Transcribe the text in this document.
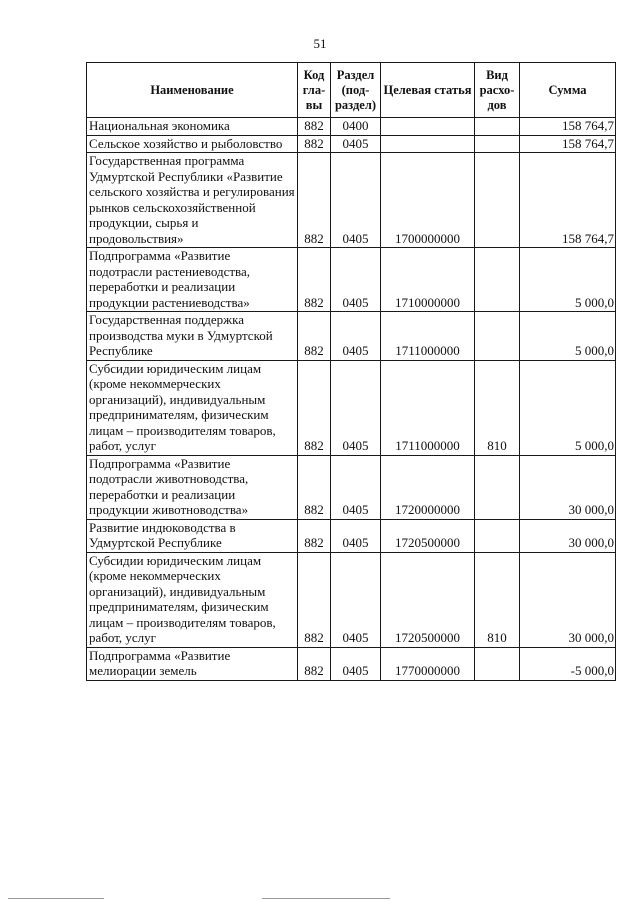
51
Наименование	Код гла-вы	Раздел (под-раздел)	Целевая статья	Вид расхо-дов	Сумма
Национальная экономика	882	0400			158 764,7
Сельское хозяйство и рыболовство	882	0405			158 764,7
Государственная программа Удмуртской Республики «Развитие сельского хозяйства и регулирования рынков сельскохозяйственной продукции, сырья и продовольствия»	882	0405	1700000000		158 764,7
Подпрограмма «Развитие подотрасли растениеводства, переработки и реализации продукции растениеводства»	882	0405	1710000000		5 000,0
Государственная поддержка производства муки в Удмуртской Республике	882	0405	1711000000		5 000,0
Субсидии юридическим лицам (кроме некоммерческих организаций), индивидуальным предпринимателям, физическим лицам – производителям товаров, работ, услуг	882	0405	1711000000	810	5 000,0
Подпрограмма «Развитие подотрасли животноводства, переработки и реализации продукции животноводства»	882	0405	1720000000		30 000,0
Развитие индюководства в Удмуртской Республике	882	0405	1720500000		30 000,0
Субсидии юридическим лицам (кроме некоммерческих организаций), индивидуальным предпринимателям, физическим лицам – производителям товаров, работ, услуг	882	0405	1720500000	810	30 000,0
Подпрограмма «Развитие мелиорации земель	882	0405	1770000000		-5 000,0
